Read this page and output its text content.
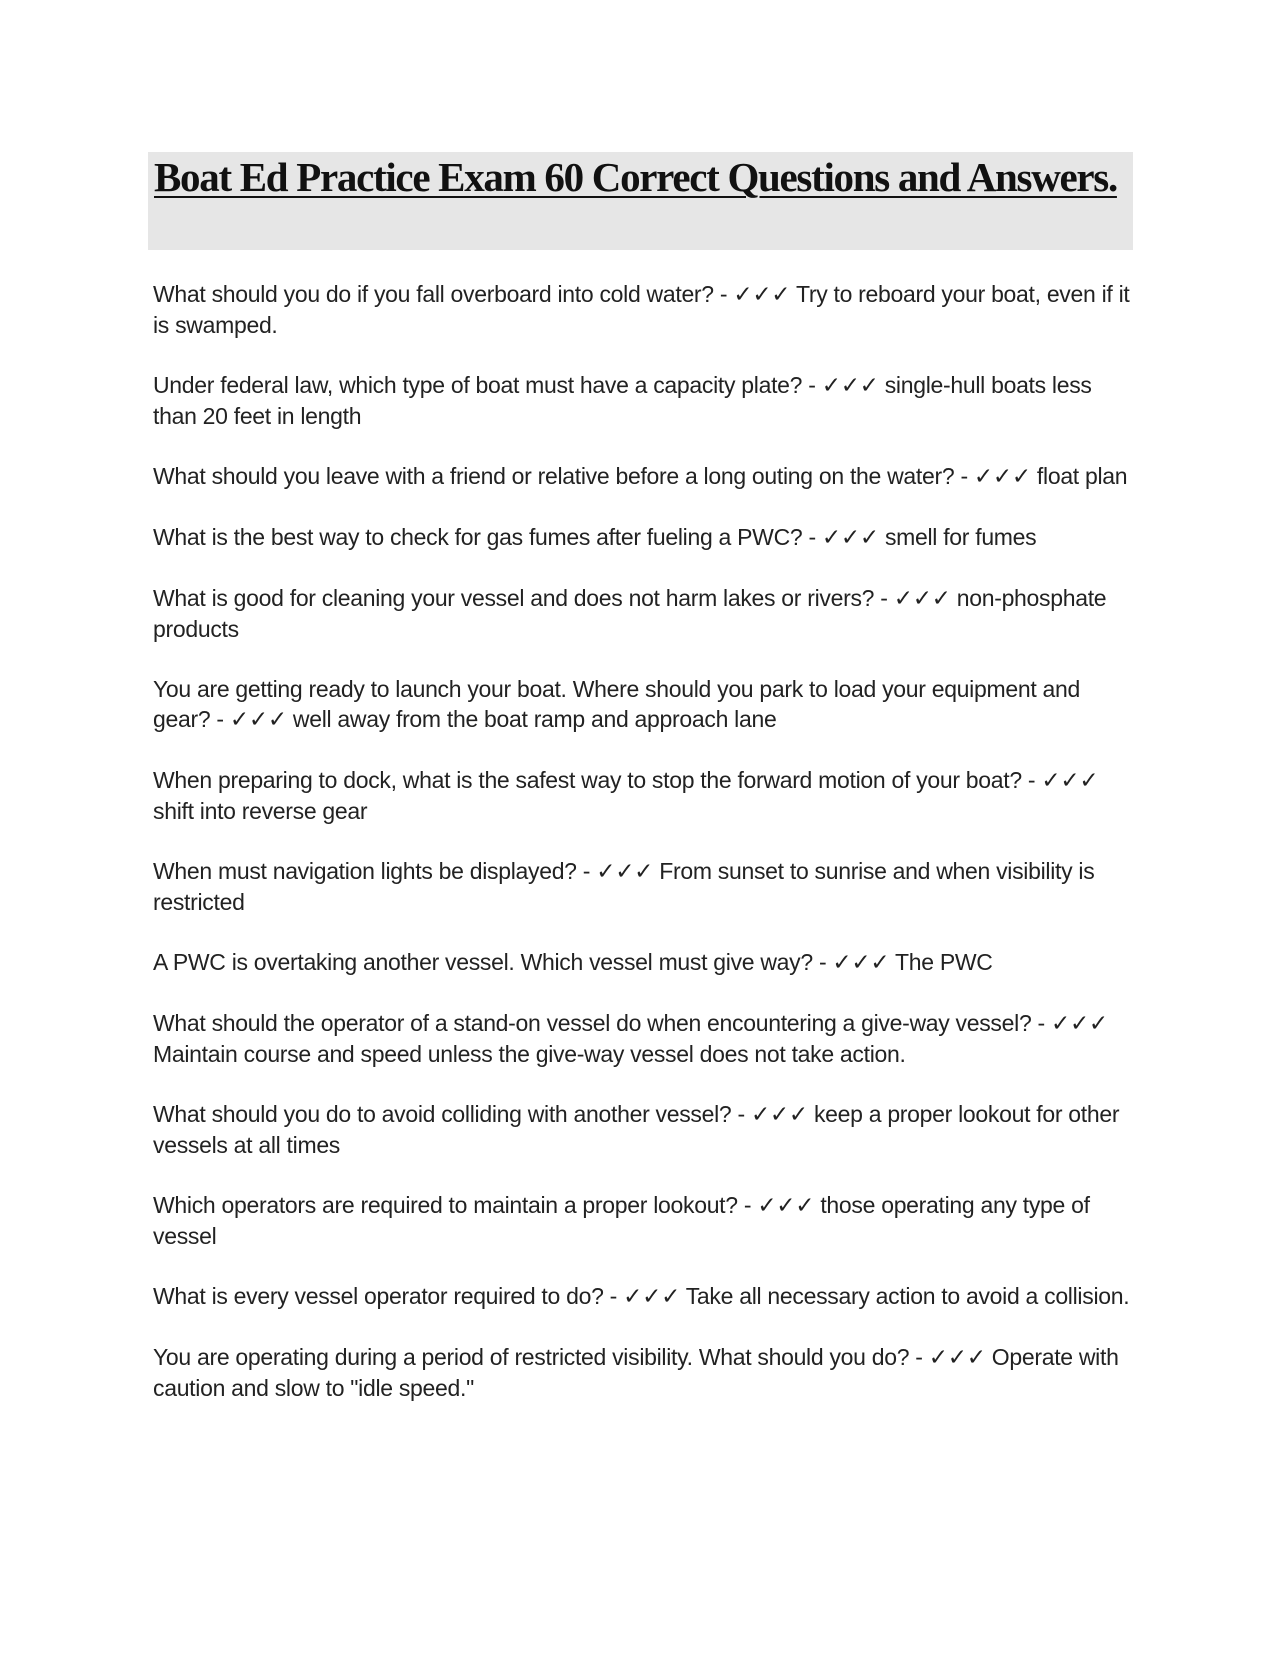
Boat Ed Practice Exam 60 Correct Questions and Answers.

What should you do if you fall overboard into cold water? - ✓✓✓ Try to reboard your boat, even if it is swamped.

Under federal law, which type of boat must have a capacity plate? - ✓✓✓ single-hull boats less than 20 feet in length

What should you leave with a friend or relative before a long outing on the water? - ✓✓✓ float plan

What is the best way to check for gas fumes after fueling a PWC? - ✓✓✓ smell for fumes

What is good for cleaning your vessel and does not harm lakes or rivers? - ✓✓✓ non-phosphate products

You are getting ready to launch your boat. Where should you park to load your equipment and gear? - ✓✓✓ well away from the boat ramp and approach lane

When preparing to dock, what is the safest way to stop the forward motion of your boat? - ✓✓✓ shift into reverse gear

When must navigation lights be displayed? - ✓✓✓ From sunset to sunrise and when visibility is restricted

A PWC is overtaking another vessel. Which vessel must give way? - ✓✓✓ The PWC

What should the operator of a stand-on vessel do when encountering a give-way vessel? - ✓✓✓ Maintain course and speed unless the give-way vessel does not take action.

What should you do to avoid colliding with another vessel? - ✓✓✓ keep a proper lookout for other vessels at all times

Which operators are required to maintain a proper lookout? - ✓✓✓ those operating any type of vessel

What is every vessel operator required to do? - ✓✓✓ Take all necessary action to avoid a collision.

You are operating during a period of restricted visibility. What should you do? - ✓✓✓ Operate with caution and slow to "idle speed."
